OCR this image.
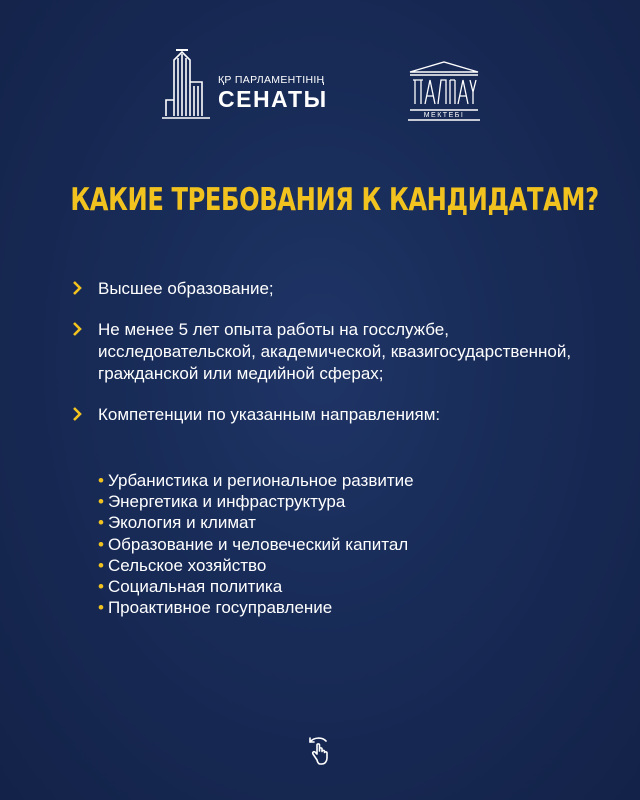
ҚР ПАРЛАМЕНТІНІҢ
СЕНАТЫ
МЕКТЕБІ
КАКИЕ ТРЕБОВАНИЯ К КАНДИДАТАМ?
Высшее образование;
Не менее 5 лет опыта работы на госслужбе, исследовательской, академической, квазигосударственной, гражданской или медийной сферах;
Компетенции по указанным направлениям:
• Урбанистика и региональное развитие
• Энергетика и инфраструктура
• Экология и климат
• Образование и человеческий капитал
• Сельское хозяйство
• Социальная политика
• Проактивное госуправление
